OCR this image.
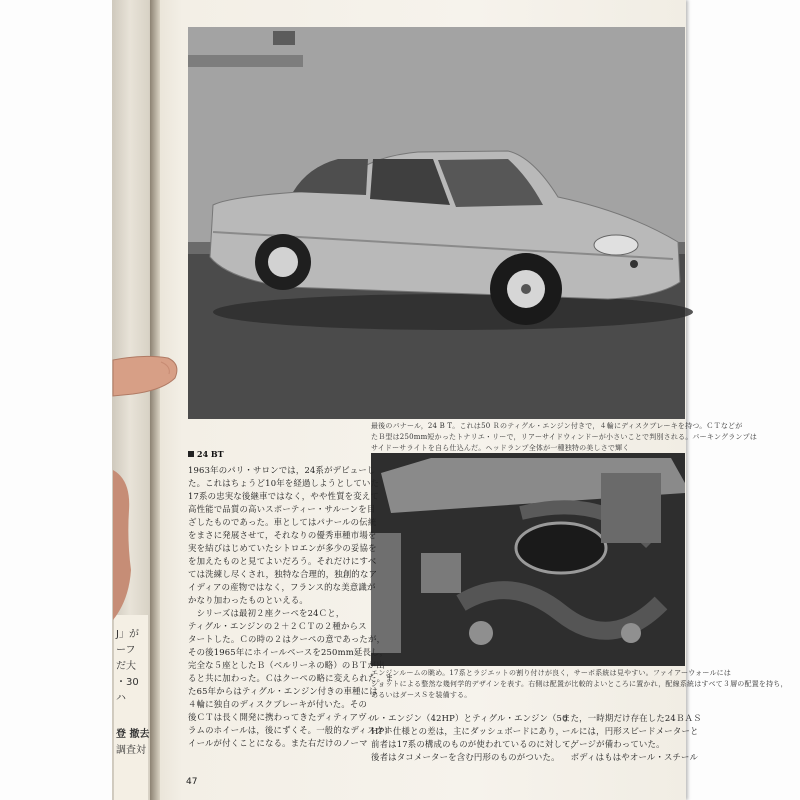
J」が
ーフ
だ大
・30
ハ
登 撤去
調査対
最後のパナール，24 B T。これは50 Ｒのティグル・エンジン付きで，４輪にディスクブレーキを持つ。ＣＴなどが
たＢ型は250mm短かったトナリエ・リーで，リアーサイドウィンドーが小さいことで判別される。パーキングランプは
サイドーサライトを自ら仕込んだ。ヘッドランプ全体が一種独特の美しさで輝く
24 BT
エンジンルームの眺め。17系とラジエットの割り付けが良く，サーボ系統は見やすい。ファイアーウォールには
ショットによる整然な幾何学的デザインを表す。右側は配置が比較的よいところに置かれ，配線系統はすべて３層の配置を持ち，
あるいはダースＳを装備する。
1963年のパリ・サロンでは，24系がデビューし
た。これはちょうど10年を経過しようとしていた
17系の忠実な後継車ではなく，やや性質を変えて
高性能で品質の高いスポーティー・サルーンを目
ざしたものであった。車としてはパナールの伝統
をまさに発展させて，それなりの優秀車種市場を
実を結びはじめていたシトロエンが多少の妥協を
を加えたものと見てよいだろう。それだけにすべ
ては洗練し尽くされ，独特な合理的，独創的なア
イディアの産物ではなく，フランス的な美意識が
かなり加わったものといえる。
　シリーズは最初２座クーペを24Ｃと，
ティグル・エンジンの２＋２ＣＴの２種からス
タートした。Ｃの時の２はクーペの意であったが，
その後1965年にホイールベースを250mm延長し，
完全な５座としたＢ（ベルリーネの略）のＢＴが出
ると共に加わった。Ｃはクーペの略に変えられた。ま
た65年からはティグル・エンジン付きの車種には
４輪に独自のディスクブレーキが付いた。その
後ＣＴは長く開発に携わってきたディティアヴィ
ラムのホイールは，後にずくそ。一般的なディスクホ
イールが付くことになる。また右だけのノーマ
ル・エンジン（42HP）とティグル・エンジン（50
HP）仕様との差は，主にダッシュボードにあり，
前者は17系の構成のものが使われているのに対して，
後者はタコメーターを含む円形のものがついた。
また，一時期だけ存在した24ＢＡＳ
ールには，円形スピードメーターと
・ゲージが備わっていた。
　ボディはもはやオール・スチール
47
